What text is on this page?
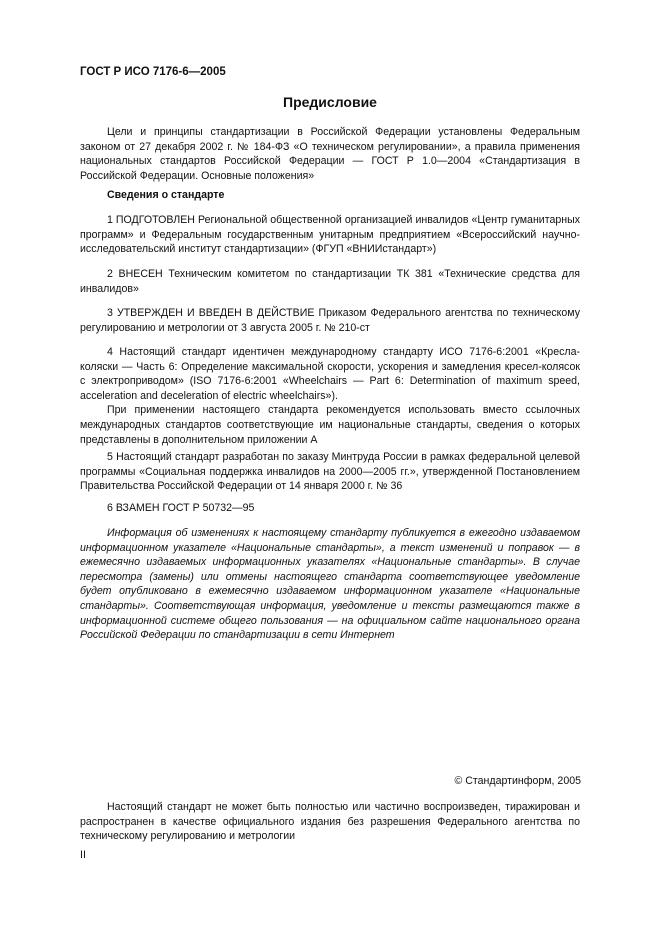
ГОСТ Р ИСО 7176-6—2005
Предисловие

Цели и принципы стандартизации в Российской Федерации установлены Федеральным законом от 27 декабря 2002 г. № 184-ФЗ «О техническом регулировании», а правила применения национальных стандартов Российской Федерации — ГОСТ Р 1.0—2004 «Стандартизация в Российской Федерации. Основные положения»

Сведения о стандарте

1 ПОДГОТОВЛЕН Региональной общественной организацией инвалидов «Центр гуманитарных программ» и Федеральным государственным унитарным предприятием «Всероссийский научно-исследовательский институт стандартизации» (ФГУП «ВНИИстандарт»)

2 ВНЕСЕН Техническим комитетом по стандартизации ТК 381 «Технические средства для инвалидов»

3 УТВЕРЖДЕН И ВВЕДЕН В ДЕЙСТВИЕ Приказом Федерального агентства по техническому регулированию и метрологии от 3 августа 2005 г. № 210-ст

4 Настоящий стандарт идентичен международному стандарту ИСО 7176-6:2001 «Кресла-коляски — Часть 6: Определение максимальной скорости, ускорения и замедления кресел-колясок с электроприводом» (ISO 7176-6:2001 «Wheelchairs — Part 6: Determination of maximum speed, acceleration and deceleration of electric wheelchairs»).

При применении настоящего стандарта рекомендуется использовать вместо ссылочных международных стандартов соответствующие им национальные стандарты, сведения о которых представлены в дополнительном приложении А

5 Настоящий стандарт разработан по заказу Минтруда России в рамках федеральной целевой программы «Социальная поддержка инвалидов на 2000—2005 гг.», утвержденной Постановлением Правительства Российской Федерации от 14 января 2000 г. № 36

6 ВЗАМЕН ГОСТ Р 50732—95

Информация об изменениях к настоящему стандарту публикуется в ежегодно издаваемом информационном указателе «Национальные стандарты», а текст изменений и поправок — в ежемесячно издаваемых информационных указателях «Национальные стандарты». В случае пересмотра (замены) или отмены настоящего стандарта соответствующее уведомление будет опубликовано в ежемесячно издаваемом информационном указателе «Национальные стандарты». Соответствующая информация, уведомление и тексты размещаются также в информационной системе общего пользования — на официальном сайте национального органа Российской Федерации по стандартизации в сети Интернет

© Стандартинформ, 2005

Настоящий стандарт не может быть полностью или частично воспроизведен, тиражирован и распространен в качестве официального издания без разрешения Федерального агентства по техническому регулированию и метрологии

II
